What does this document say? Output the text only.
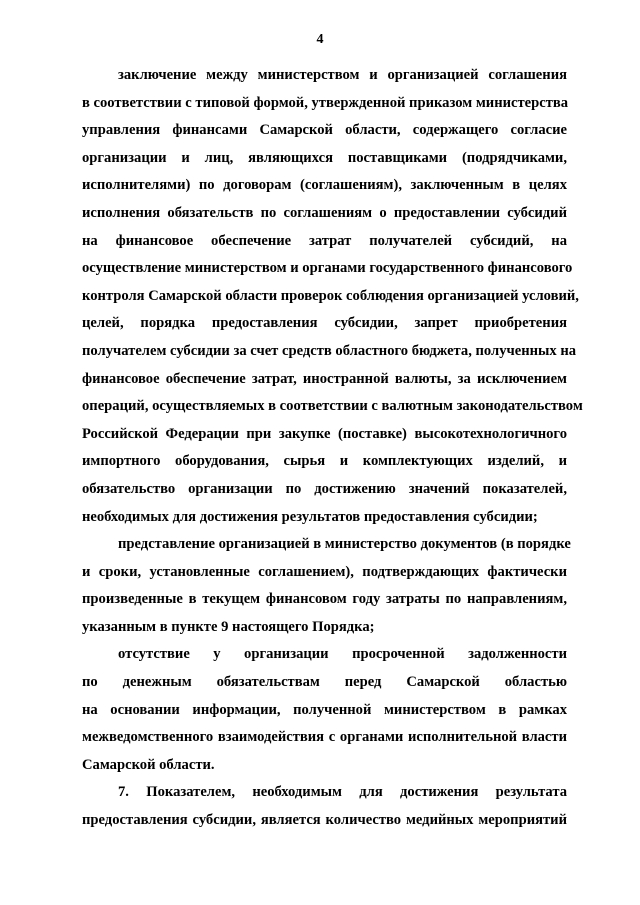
4
заключение между министерством и организацией соглашения
в соответствии с типовой формой, утвержденной приказом министерства
управления финансами Самарской области, содержащего согласие
организации и лиц, являющихся поставщиками (подрядчиками,
исполнителями) по договорам (соглашениям), заключенным в целях
исполнения обязательств по соглашениям о предоставлении субсидий
на финансовое обеспечение затрат получателей субсидий, на
осуществление министерством и органами государственного финансового
контроля Самарской области проверок соблюдения организацией условий,
целей, порядка предоставления субсидии, запрет приобретения
получателем субсидии за счет средств областного бюджета, полученных на
финансовое обеспечение затрат, иностранной валюты, за исключением
операций, осуществляемых в соответствии с валютным законодательством
Российской Федерации при закупке (поставке) высокотехнологичного
импортного оборудования, сырья и комплектующих изделий, и
обязательство организации по достижению значений показателей,
необходимых для достижения результатов предоставления субсидии;
представление организацией в министерство документов (в порядке
и сроки, установленные соглашением), подтверждающих фактически
произведенные в текущем финансовом году затраты по направлениям,
указанным в пункте 9 настоящего Порядка;
отсутствие у организации просроченной задолженности
по денежным обязательствам перед Самарской областью
на основании информации, полученной министерством в рамках
межведомственного взаимодействия с органами исполнительной власти
Самарской области.
7. Показателем, необходимым для достижения результата
предоставления субсидии, является количество медийных мероприятий
